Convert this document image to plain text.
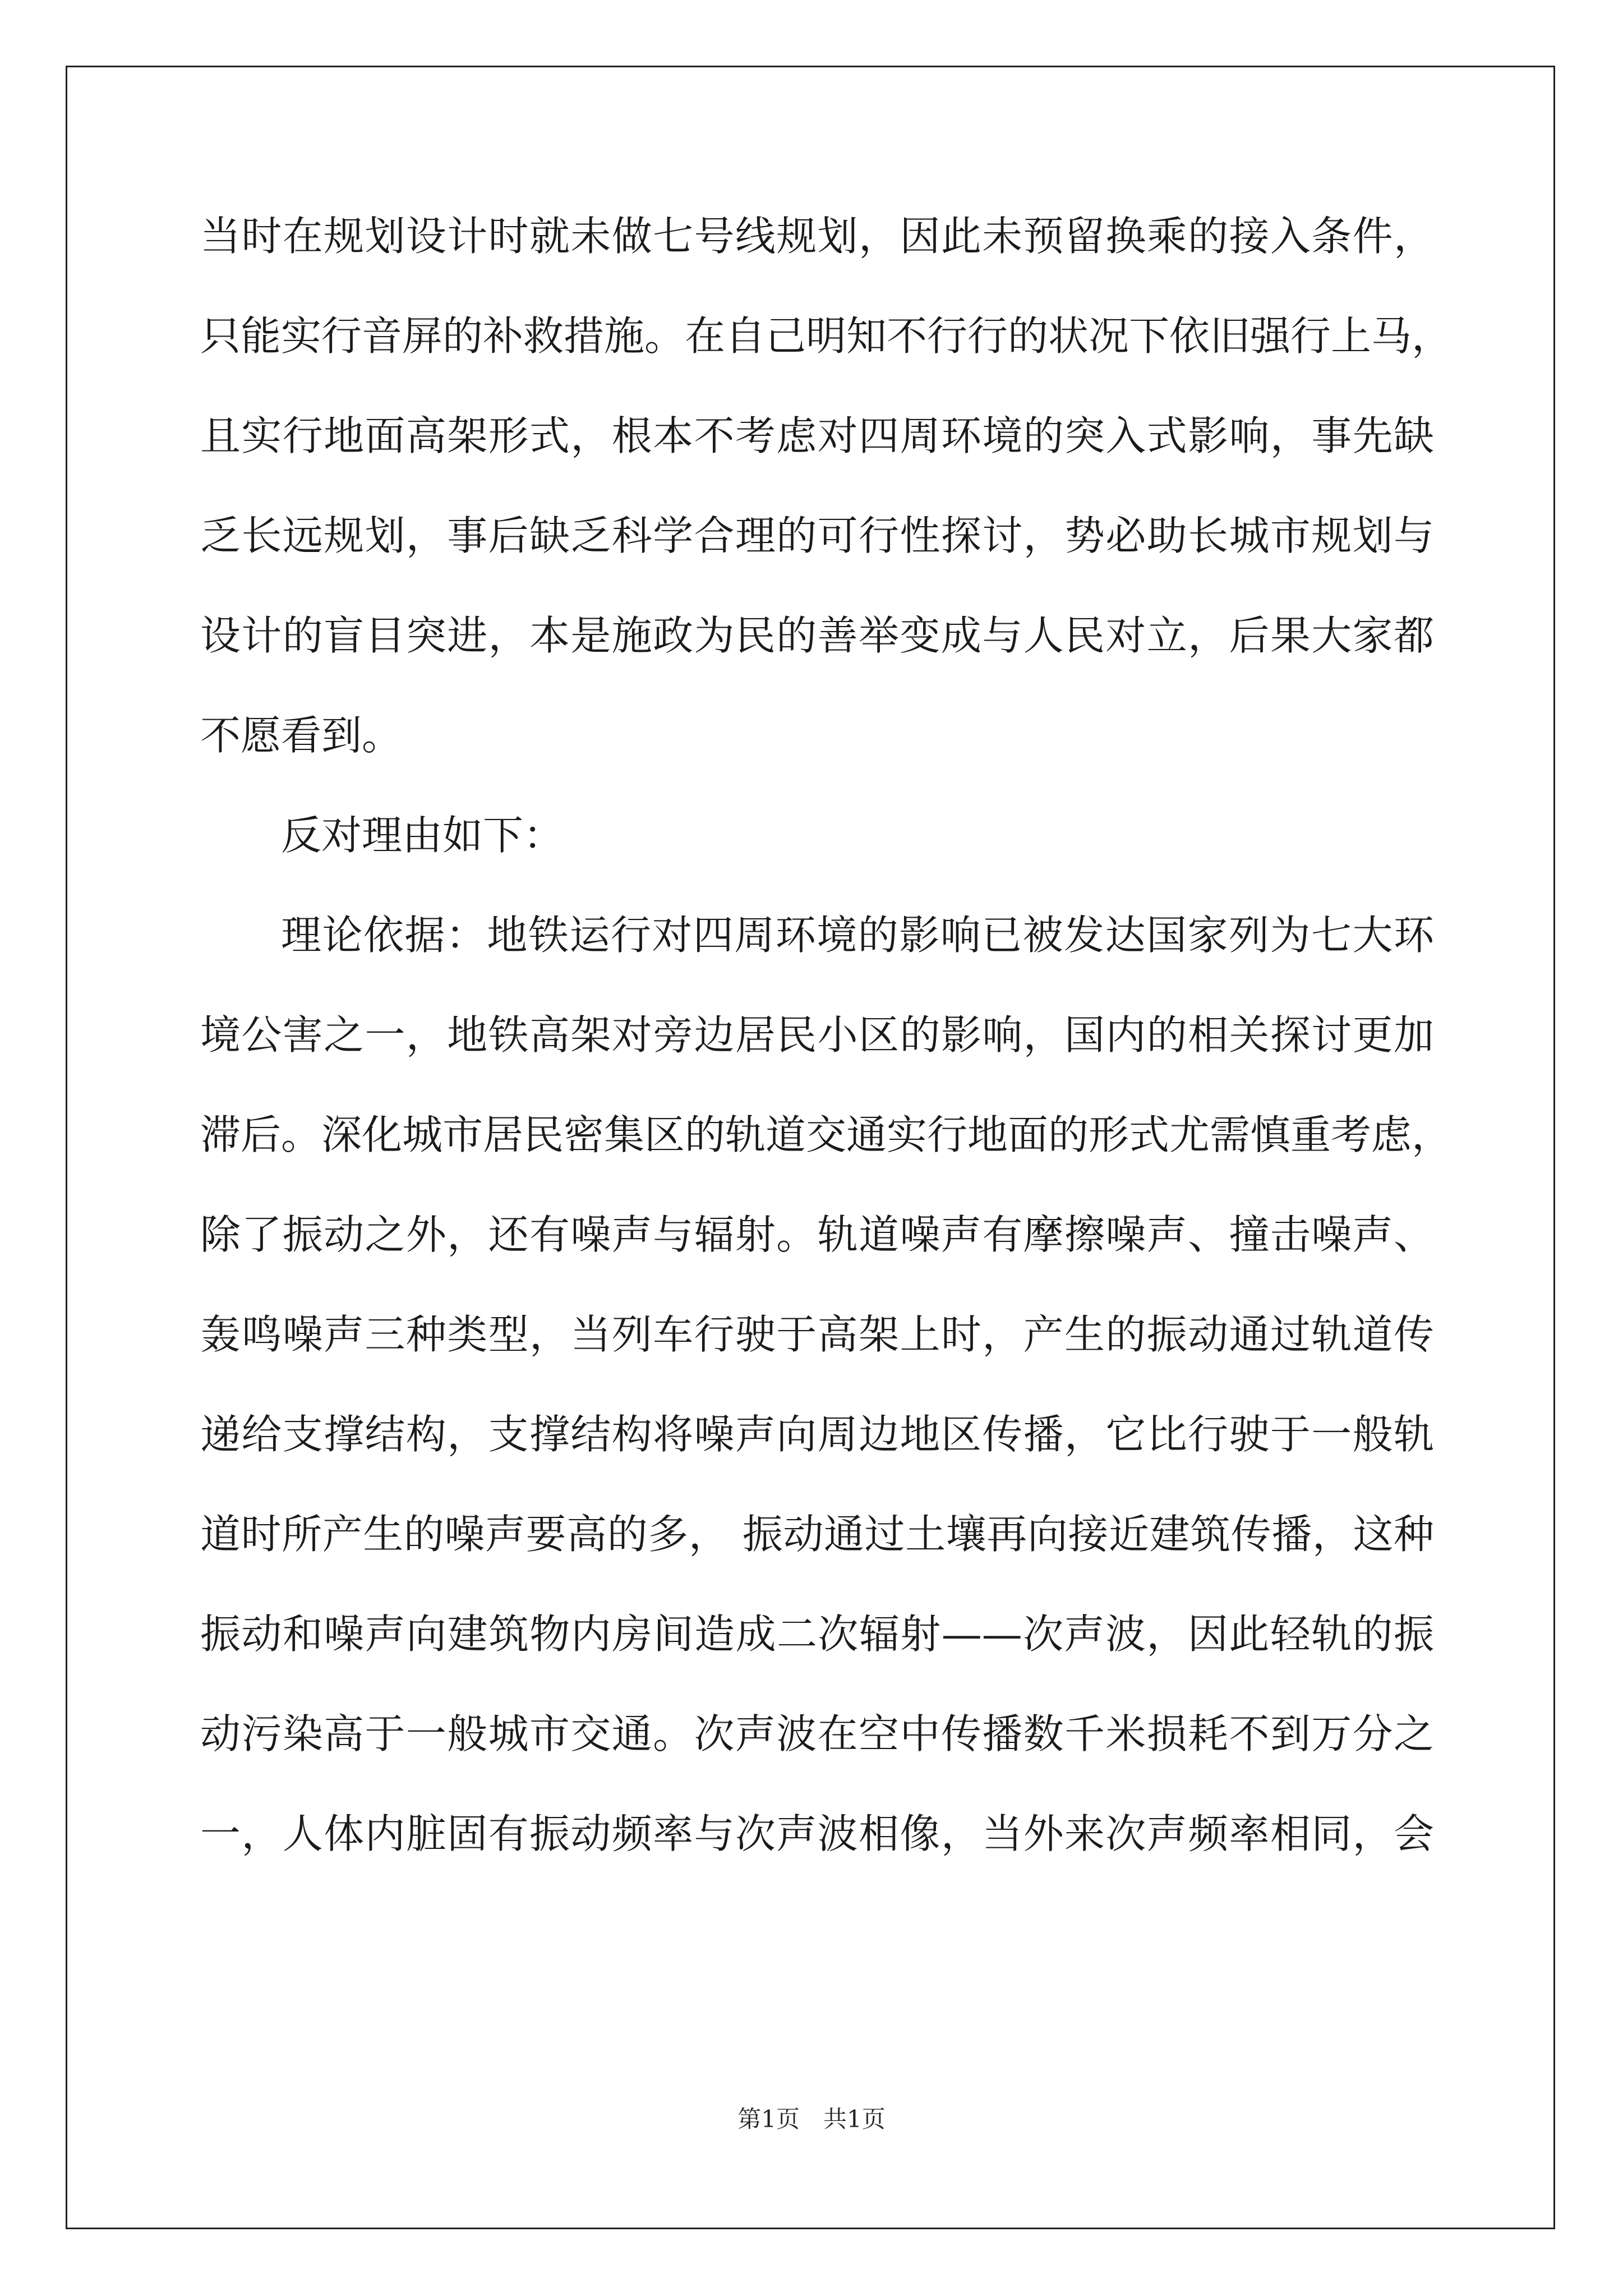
当时在规划设计时就未做七号线规划，因此未预留换乘的接入条件，
只能实行音屏的补救措施。在自己明知不行行的状况下依旧强行上马，
且实行地面高架形式，根本不考虑对四周环境的突入式影响，事先缺
乏长远规划，事后缺乏科学合理的可行性探讨，势必助长城市规划与
设计的盲目突进，本是施政为民的善举变成与人民对立，后果大家都
不愿看到。
反对理由如下：
理论依据：地铁运行对四周环境的影响已被发达国家列为七大环
境公害之一，地铁高架对旁边居民小区的影响，国内的相关探讨更加
滞后。深化城市居民密集区的轨道交通实行地面的形式尤需慎重考虑，
除了振动之外，还有噪声与辐射。轨道噪声有摩擦噪声、撞击噪声、
轰鸣噪声三种类型，当列车行驶于高架上时，产生的振动通过轨道传
递给支撑结构，支撑结构将噪声向周边地区传播，它比行驶于一般轨
道时所产生的噪声要高的多， 振动通过土壤再向接近建筑传播，这种
振动和噪声向建筑物内房间造成二次辐射——次声波，因此轻轨的振
动污染高于一般城市交通。次声波在空中传播数千米损耗不到万分之
一，人体内脏固有振动频率与次声波相像，当外来次声频率相同，会
第1页　共1页
